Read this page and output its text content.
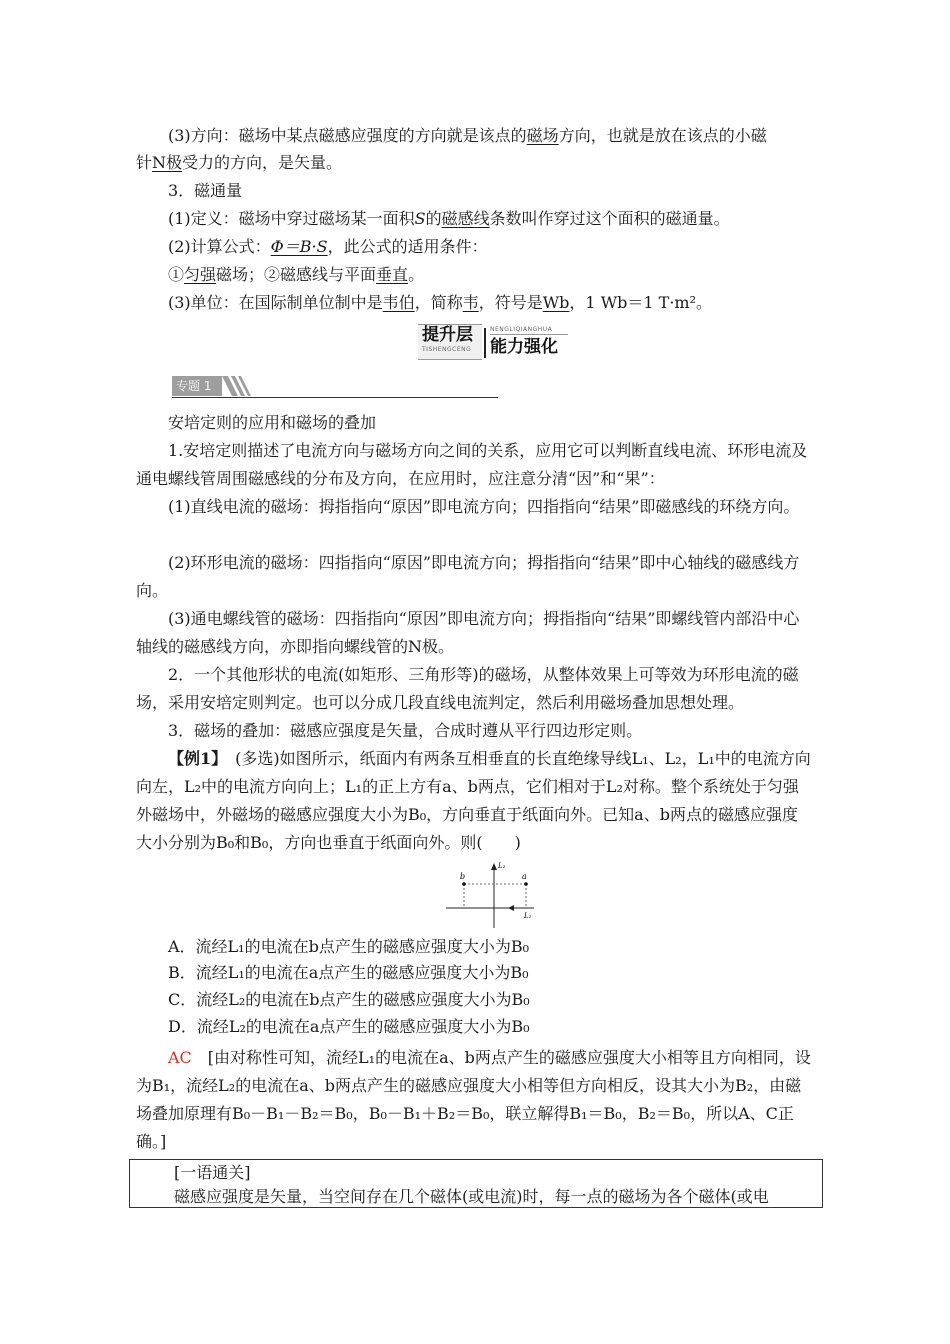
(3)方向：磁场中某点磁感应强度的方向就是该点的磁场方向，也就是放在该点的小磁

针N极受力的方向，是矢量。

3．磁通量

(1)定义：磁场中穿过磁场某一面积S的磁感线条数叫作穿过这个面积的磁通量。

(2)计算公式：Φ＝B·S，此公式的适用条件：

①匀强磁场；②磁感线与平面垂直。

(3)单位：在国际制单位制中是韦伯，简称韦，符号是Wb，1 Wb＝1 T·m²。

提升层
TISHENGCENG
NENGLIQIANGHUA
能力强化
专题 1

安培定则的应用和磁场的叠加

1.安培定则描述了电流方向与磁场方向之间的关系，应用它可以判断直线电流、环形电流及通电螺线管周围磁感线的分布及方向，在应用时，应注意分清“因”和“果”：

(1)直线电流的磁场：拇指指向“原因”即电流方向；四指指向“结果”即磁感线的环绕方向。

(2)环形电流的磁场：四指指向“原因”即电流方向；拇指指向“结果”即中心轴线的磁感线方向。

(3)通电螺线管的磁场：四指指向“原因”即电流方向；拇指指向“结果”即螺线管内部沿中心轴线的磁感线方向，亦即指向螺线管的N极。

2．一个其他形状的电流(如矩形、三角形等)的磁场，从整体效果上可等效为环形电流的磁场，采用安培定则判定。也可以分成几段直线电流判定，然后利用磁场叠加思想处理。

3．磁场的叠加：磁感应强度是矢量，合成时遵从平行四边形定则。

【例1】　(多选)如图所示，纸面内有两条互相垂直的长直绝缘导线L₁、L₂，L₁中的电流方向向左，L₂中的电流方向向上；L₁的正上方有a、b两点，它们相对于L₂对称。整个系统处于匀强外磁场中，外磁场的磁感应强度大小为B₀，方向垂直于纸面向外。已知a、b两点的磁感应强度大小分别为B₀和B₀，方向也垂直于纸面向外。则(　　)

b	a
L₂
L₁

A．流经L₁的电流在b点产生的磁感应强度大小为B₀

B．流经L₁的电流在a点产生的磁感应强度大小为B₀

C．流经L₂的电流在b点产生的磁感应强度大小为B₀

D．流经L₂的电流在a点产生的磁感应强度大小为B₀

AC　[由对称性可知，流经L₁的电流在a、b两点产生的磁感应强度大小相等且方向相同，设为B₁，流经L₂的电流在a、b两点产生的磁感应强度大小相等但方向相反，设其大小为B₂，由磁场叠加原理有B₀－B₁－B₂＝B₀，B₀－B₁＋B₂＝B₀，联立解得B₁＝B₀，B₂＝B₀，所以A、C正确。]

[一语通关]

磁感应强度是矢量，当空间存在几个磁体(或电流)时，每一点的磁场为各个磁体(或电
